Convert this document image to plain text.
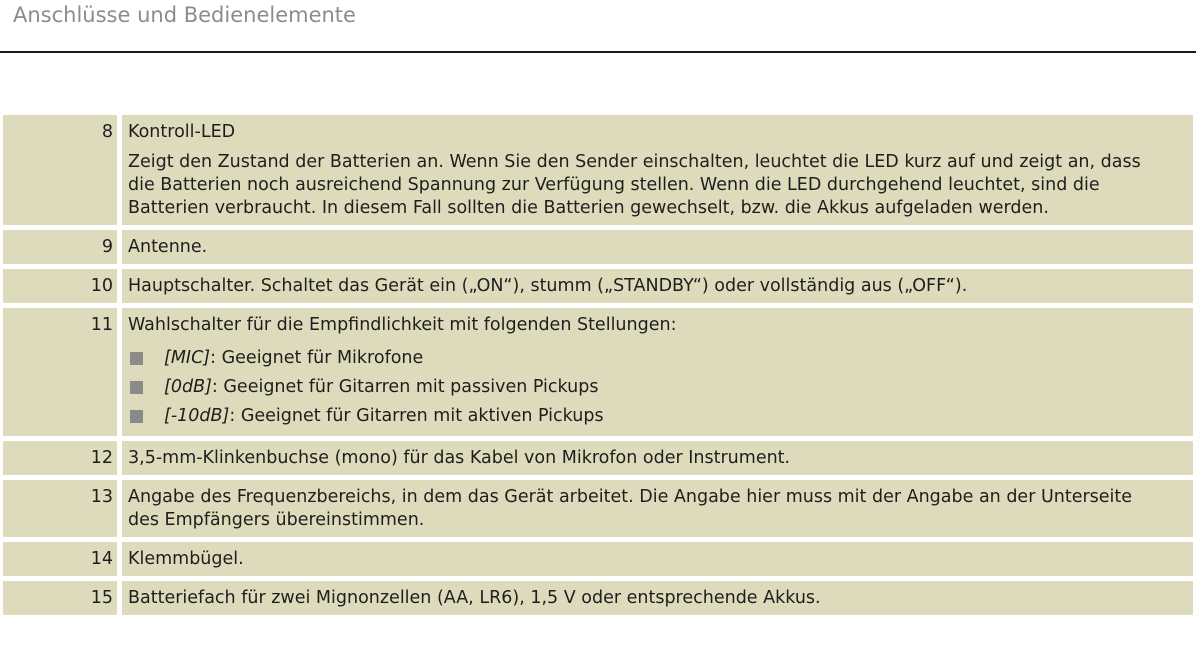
Anschlüsse und Bedienelemente
8 Kontroll-LED

Zeigt den Zustand der Batterien an. Wenn Sie den Sender einschalten, leuchtet die LED kurz auf und zeigt an, dass
die Batterien noch ausreichend Spannung zur Verfügung stellen. Wenn die LED durchgehend leuchtet, sind die
Batterien verbraucht. In diesem Fall sollten die Batterien gewechselt, bzw. die Akkus aufgeladen werden.

9 Antenne.

10 Hauptschalter. Schaltet das Gerät ein („ON“), stumm („STANDBY“) oder vollständig aus („OFF“).

11 Wahlschalter für die Empfindlichkeit mit folgenden Stellungen:

[MIC] : Geeignet für Mikrofone
[0dB] : Geeignet für Gitarren mit passiven Pickups
[-10dB] : Geeignet für Gitarren mit aktiven Pickups
12 3,5-mm-Klinkenbuchse (mono) für das Kabel von Mikrofon oder Instrument.

13 Angabe des Frequenzbereichs, in dem das Gerät arbeitet. Die Angabe hier muss mit der Angabe an der Unterseite
des Empfängers übereinstimmen.

14 Klemmbügel.

15 Batteriefach für zwei Mignonzellen (AA, LR6), 1,5 V oder entsprechende Akkus.
